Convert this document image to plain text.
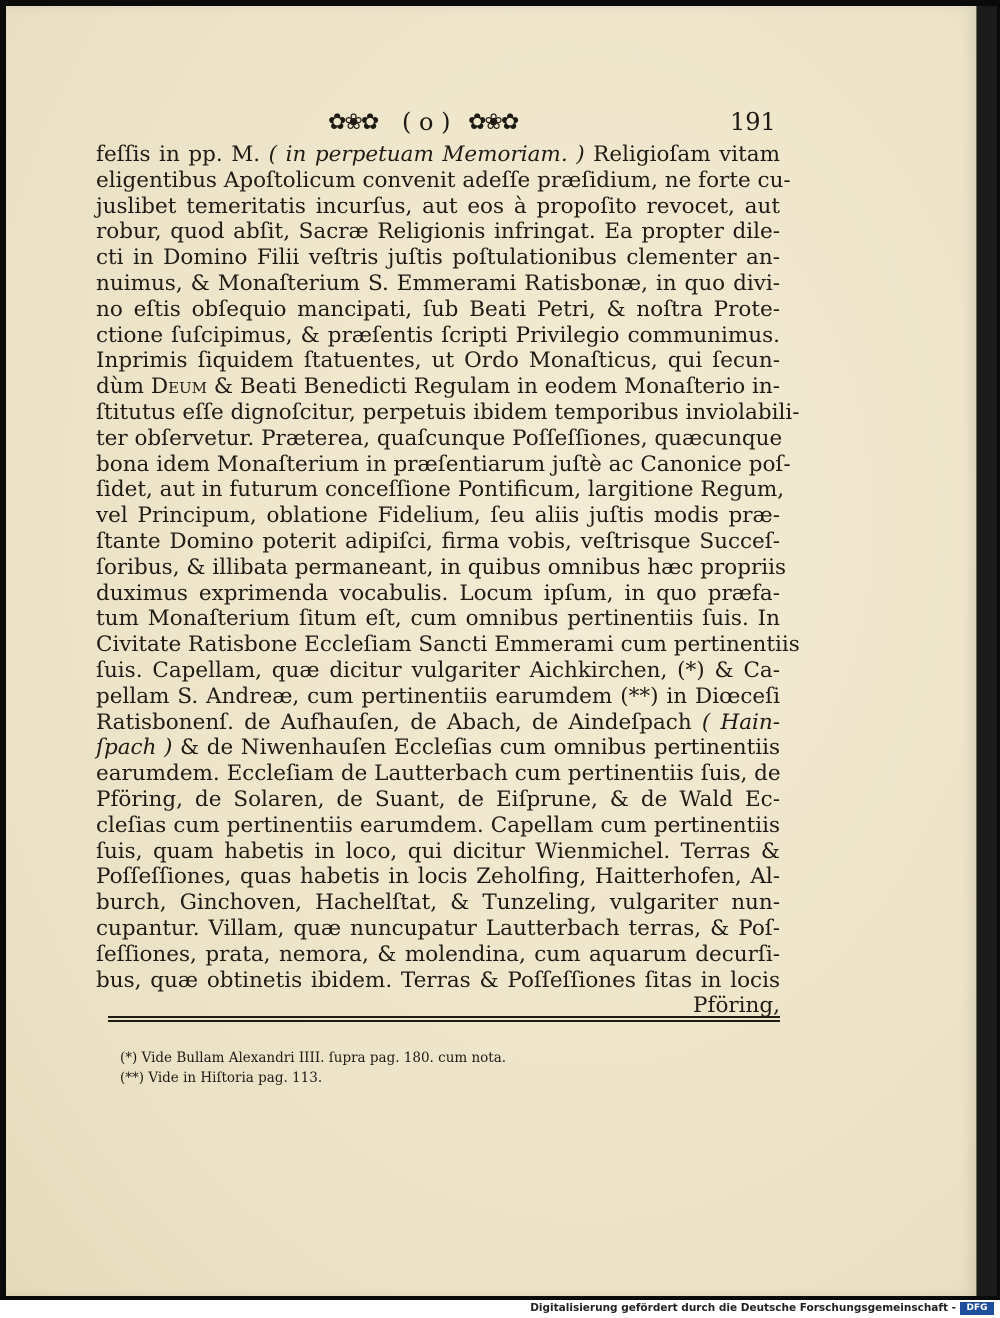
✿❀✿ ( o ) ✿❀✿	191
feſſis in pp. M. ( in perpetuam Memoriam. ) Religioſam vitam
eligentibus Apoſtolicum convenit adeſſe præſidium, ne forte cu-
juslibet temeritatis incurſus, aut eos à propoſito revocet, aut
robur, quod abſit, Sacræ Religionis infringat. Ea propter dile-
cti in Domino Filii veſtris juſtis poſtulationibus clementer an-
nuimus, & Monaſterium S. Emmerami Ratisbonæ, in quo divi-
no eſtis obſequio mancipati, ſub Beati Petri, & noſtra Prote-
ctione ſuſcipimus, & præſentis ſcripti Privilegio communimus.
Inprimis ſiquidem ſtatuentes, ut Ordo Monaſticus, qui ſecun-
dùm Deum & Beati Benedicti Regulam in eodem Monaſterio in-
ſtitutus eſſe dignoſcitur, perpetuis ibidem temporibus inviolabili-
ter obſervetur. Præterea, quaſcunque Poſſeſſiones, quæcunque
bona idem Monaſterium in præſentiarum juſtè ac Canonice poſ-
ſidet, aut in futurum conceſſione Pontificum, largitione Regum,
vel Principum, oblatione Fidelium, ſeu aliis juſtis modis præ-
ſtante Domino poterit adipiſci, firma vobis, veſtrisque Succeſ-
ſoribus, & illibata permaneant, in quibus omnibus hæc propriis
duximus exprimenda vocabulis. Locum ipſum, in quo præfa-
tum Monaſterium ſitum eſt, cum omnibus pertinentiis ſuis. In
Civitate Ratisbone Eccleſiam Sancti Emmerami cum pertinentiis
ſuis. Capellam, quæ dicitur vulgariter Aichkirchen, (*) & Ca-
pellam S. Andreæ, cum pertinentiis earumdem (**) in Diœceſi
Ratisbonenſ. de Aufhauſen, de Abach, de Aindeſpach ( Hain-
ſpach ) & de Niwenhauſen Eccleſias cum omnibus pertinentiis
earumdem. Eccleſiam de Lautterbach cum pertinentiis ſuis, de
Pföring, de Solaren, de Suant, de Eiſprune, & de Wald Ec-
cleſias cum pertinentiis earumdem. Capellam cum pertinentiis
ſuis, quam habetis in loco, qui dicitur Wienmichel. Terras &
Poſſeſſiones, quas habetis in locis Zeholfing, Haitterhofen, Al-
burch, Ginchoven, Hachelſtat, & Tunzeling, vulgariter nun-
cupantur. Villam, quæ nuncupatur Lautterbach terras, & Poſ-
ſeſſiones, prata, nemora, & molendina, cum aquarum decurſi-
bus, quæ obtinetis ibidem. Terras & Poſſeſſiones ſitas in locis
Pföring,
(*) Vide Bullam Alexandri IIII. ſupra pag. 180. cum nota.
(**) Vide in Hiſtoria pag. 113.
Digitalisierung gefördert durch die Deutsche Forschungsgemeinschaft -	DFG
